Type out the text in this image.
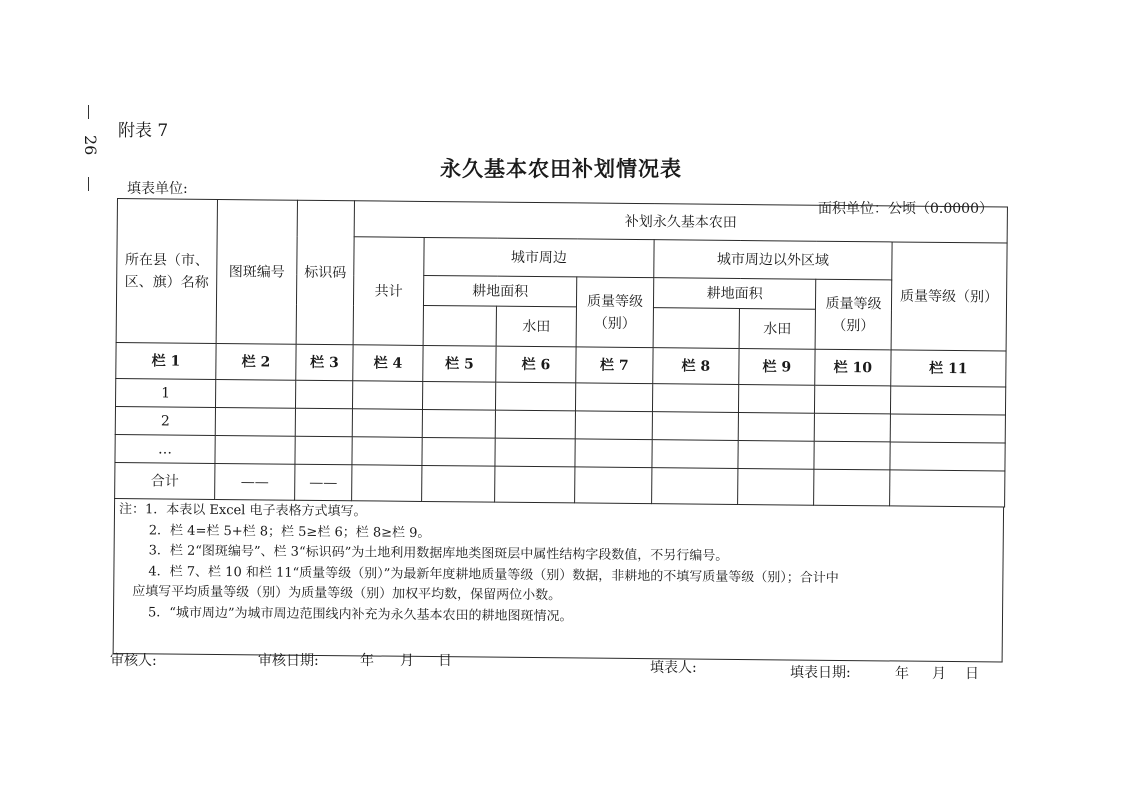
26
附表 7
永久基本农田补划情况表
填表单位:
面积单位：公顷（0.0000）
所在县（市、区、旗）名称	图斑编号	标识码	补划永久基本农田							
			共计	城市周边			城市周边以外区域			质量等级（别）
				耕地面积		质量等级（别）	耕地面积		质量等级（别）	
					水田			水田		
栏 1	栏 2	栏 3	栏 4	栏 5	栏 6	栏 7	栏 8	栏 9	栏 10	栏 11
1										
2										
…										
合计	——	——								
注：1．本表以 Excel 电子表格方式填写。
2．栏 4=栏 5+栏 8；栏 5≥栏 6；栏 8≥栏 9。
3．栏 2“图斑编号”、栏 3“标识码”为土地利用数据库地类图斑层中属性结构字段数值，不另行编号。
4．栏 7、栏 10 和栏 11“质量等级（别）”为最新年度耕地质量等级（别）数据，非耕地的不填写质量等级（别）；合计中
应填写平均质量等级（别）为质量等级（别）加权平均数，保留两位小数。
5．“城市周边”为城市周边范围线内补充为永久基本农田的耕地图斑情况。
审核人:	审核日期:	年 月 日	填表人:	填表日期:	年 月 日
